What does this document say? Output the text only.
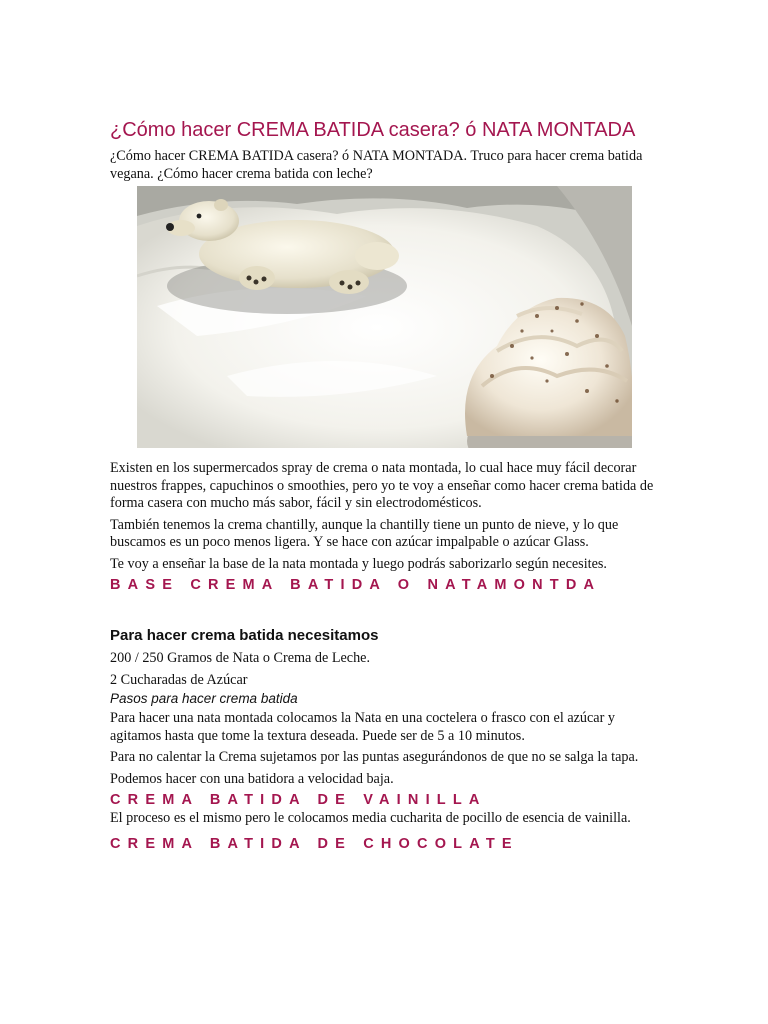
¿Cómo hacer CREMA BATIDA casera? ó NATA MONTADA

¿Cómo hacer CREMA BATIDA casera? ó NATA MONTADA. Truco para hacer crema batida vegana. ¿Cómo hacer crema batida con leche?

Existen en los supermercados spray de crema o nata montada, lo cual hace muy fácil decorar nuestros frappes, capuchinos o smoothies, pero yo te voy a enseñar como hacer crema batida de forma casera con mucho más sabor, fácil y sin electrodomésticos.

También tenemos la crema chantilly, aunque la chantilly tiene un punto de nieve, y lo que buscamos es un poco menos ligera. Y se hace con azúcar impalpable o azúcar Glass.

Te voy a enseñar la base de la nata montada y luego podrás saborizarlo según necesites.

BASE CREMA BATIDA O NATAMONTDA
Para hacer crema batida necesitamos

200 / 250 Gramos de Nata o Crema de Leche.

2 Cucharadas de Azúcar

Pasos para hacer crema batida

Para hacer una nata montada colocamos la Nata en una coctelera o frasco con el azúcar y agitamos hasta que tome la textura deseada. Puede ser de 5 a 10 minutos.

Para no calentar la Crema sujetamos por las puntas asegurándonos de que no se salga la tapa.

Podemos hacer con una batidora a velocidad baja.

CREMA BATIDA DE VAINILLA

El proceso es el mismo pero le colocamos media cucharita de pocillo de esencia de vainilla.

CREMA BATIDA DE CHOCOLATE
